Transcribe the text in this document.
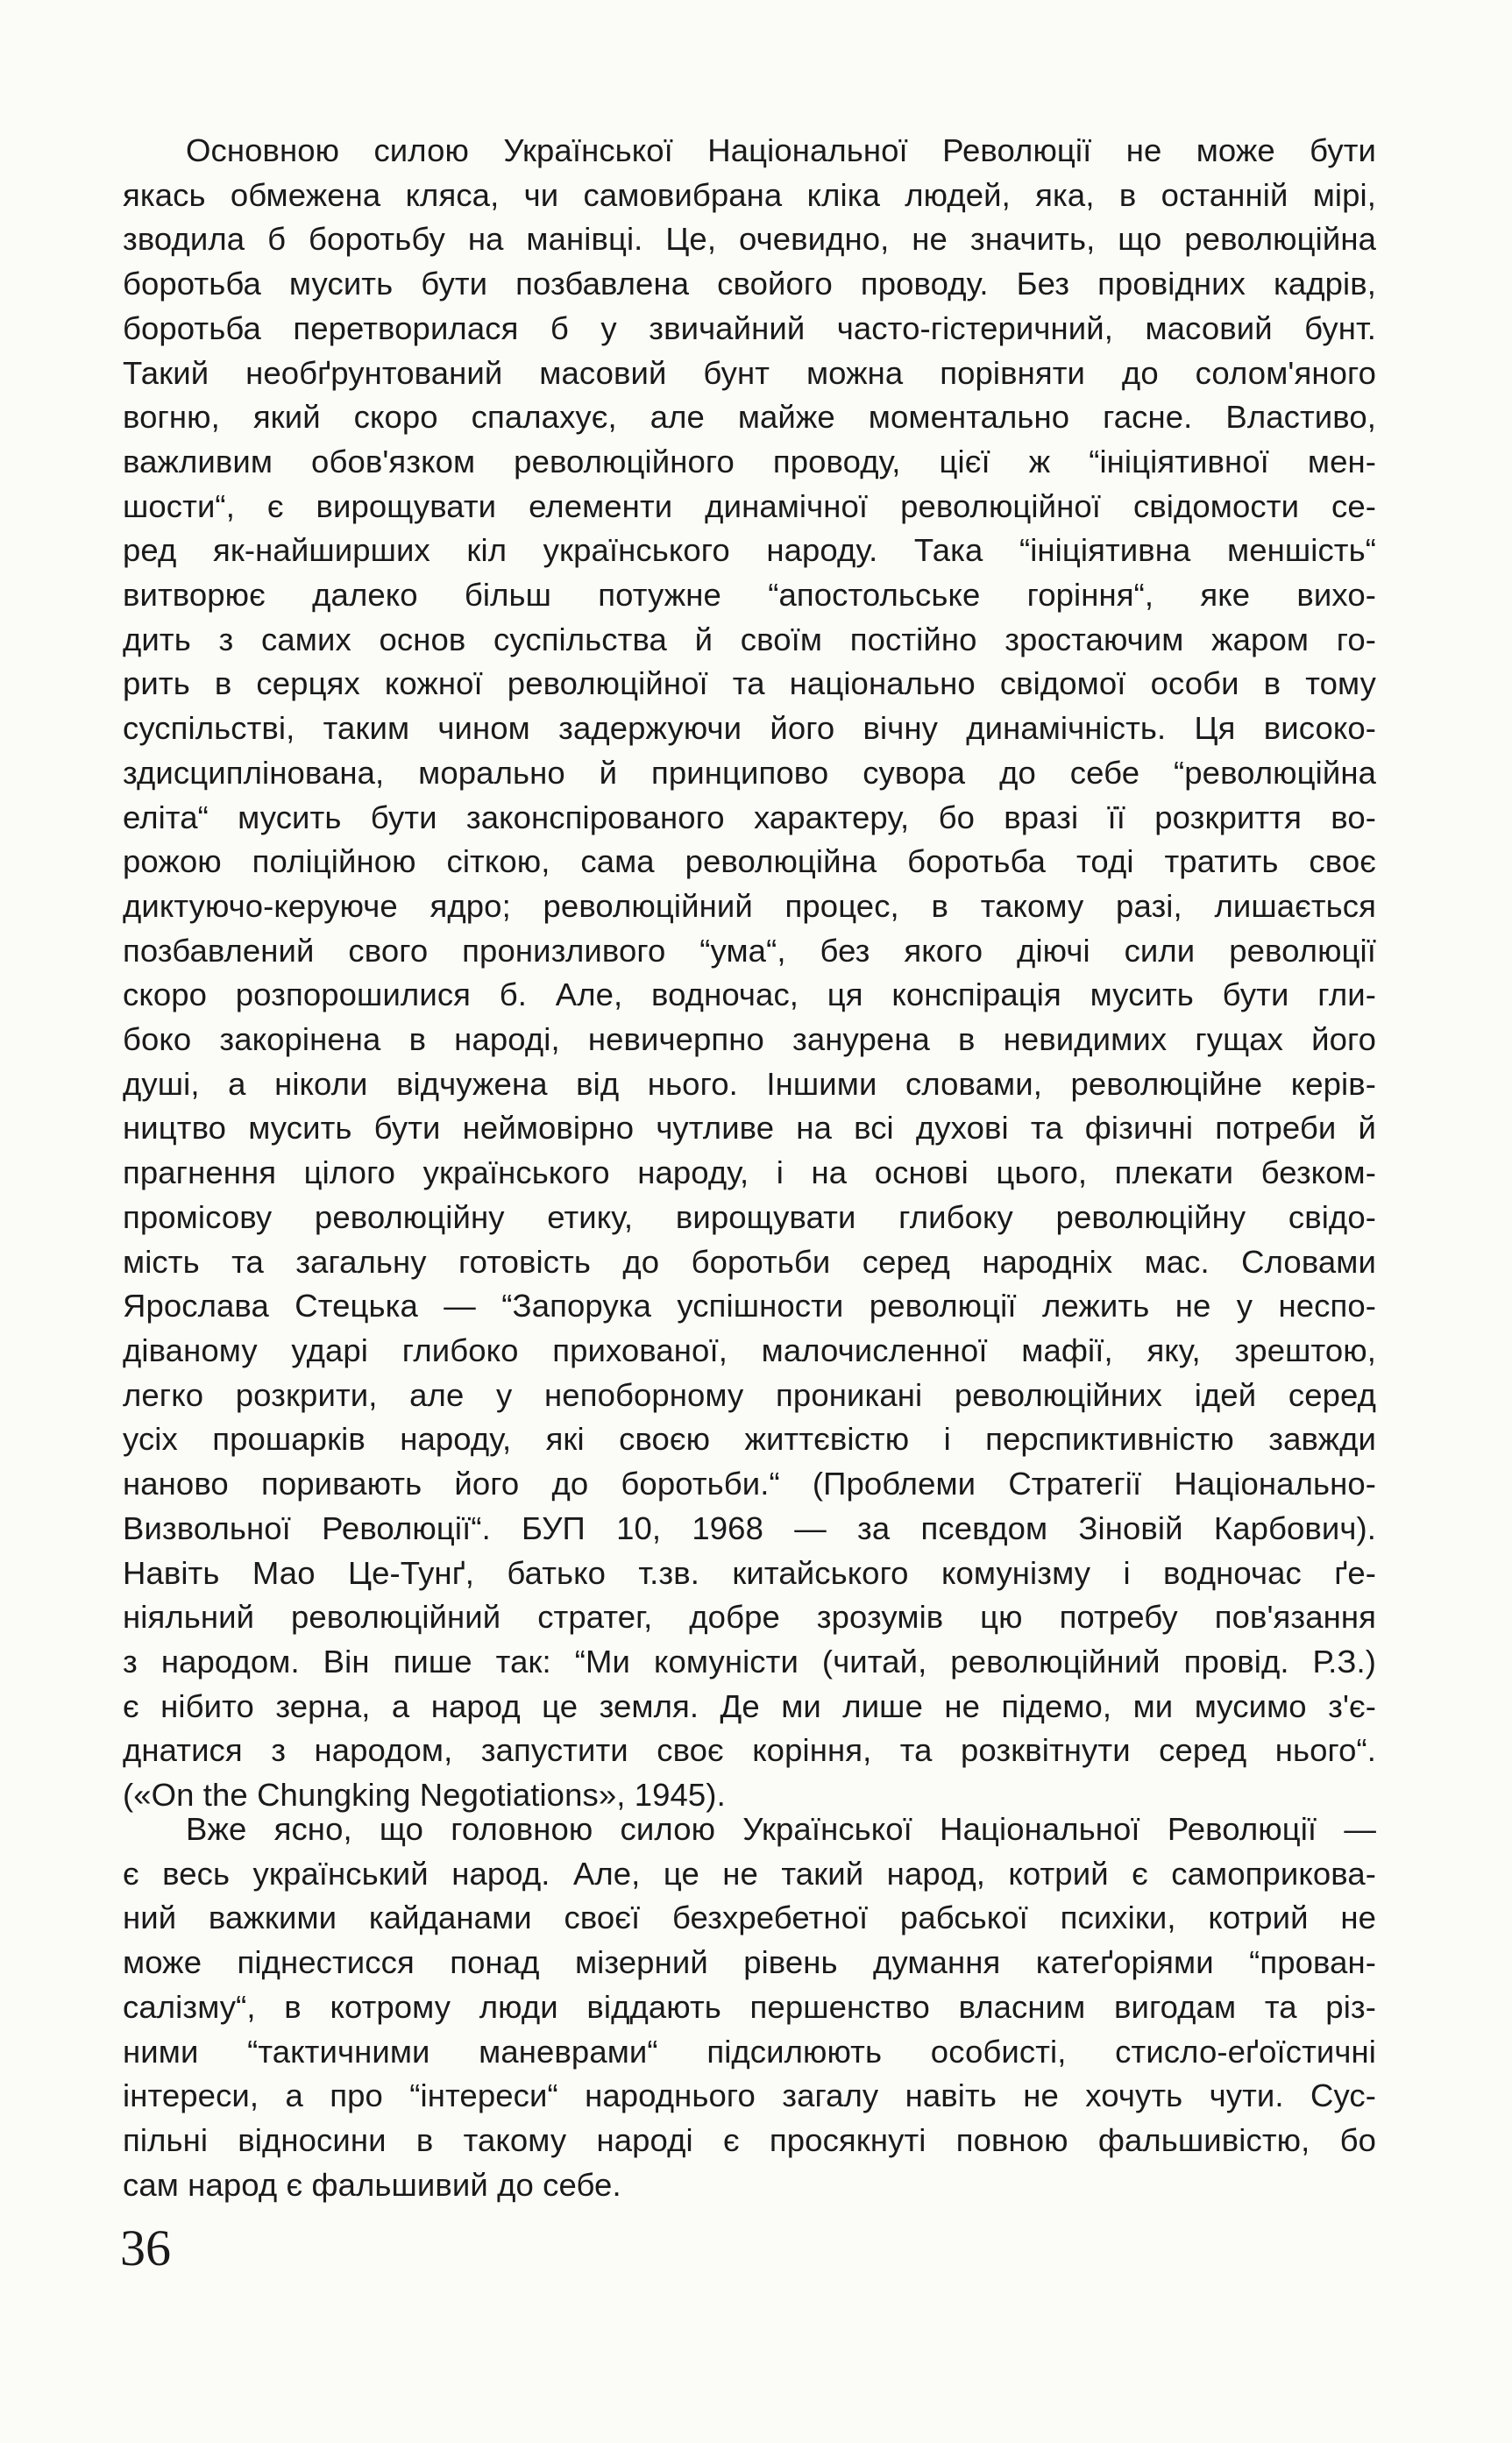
Основною силою Української Національної Революції не може бути
якась обмежена кляса, чи самовибрана кліка людей, яка, в останній мірі,
зводила б боротьбу на манівці. Це, очевидно, не значить, що революційна
боротьба мусить бути позбавлена свойого проводу. Без провідних кадрів,
боротьба перетворилася б у звичайний часто-гістеричний, масовий бунт.
Такий необґрунтований масовий бунт можна порівняти до солом'яного
вогню, який скоро спалахує, але майже моментально гасне. Властиво,
важливим обов'язком революційного проводу, цієї ж “ініціятивної мен-
шости“, є вирощувати елементи динамічної революційної свідомости се-
ред як-найширших кіл українського народу. Така “ініціятивна меншість“
витворює далеко більш потужне “апостольське горіння“, яке вихо-
дить з самих основ суспільства й своїм постійно зростаючим жаром го-
рить в серцях кожної революційної та національно свідомої особи в тому
суспільстві, таким чином задержуючи його вічну динамічність. Ця високо-
здисциплінована, морально й принципово сувора до себе “революційна
еліта“ мусить бути законспірованого характеру, бо вразі її розкриття во-
рожою поліційною сіткою, сама революційна боротьба тоді тратить своє
диктуючо-керуюче ядро; революційний процес, в такому разі, лишається
позбавлений свого пронизливого “ума“, без якого діючі сили революції
скоро розпорошилися б. Але, водночас, ця конспірація мусить бути гли-
боко закорінена в народі, невичерпно занурена в невидимих гущах його
душі, а ніколи відчужена від нього. Іншими словами, революційне керів-
ництво мусить бути неймовірно чутливе на всі духові та фізичні потреби й
прагнення цілого українського народу, і на основі цього, плекати безком-
промісову революційну етику, вирощувати глибоку революційну свідо-
мість та загальну готовість до боротьби серед народніх мас. Словами
Ярослава Стецька — “Запорука успішности революції лежить не у неспо-
діваному ударі глибоко прихованої, малочисленної мафії, яку, зрештою,
легко розкрити, але у непоборному проникані революційних ідей серед
усіх прошарків народу, які своєю життєвістю і перспиктивністю завжди
наново поривають його до боротьби.“ (Проблеми Стратегії Національно-
Визвольної Революції“. БУП 10, 1968 — за псевдом Зіновій Карбович).
Навіть Мао Це-Тунґ, батько т.зв. китайського комунізму і водночас ґе-
ніяльний революційний стратег, добре зрозумів цю потребу пов'язання
з народом. Він пише так: “Ми комуністи (читай, революційний провід. Р.З.)
є нібито зерна, а народ це земля. Де ми лише не підемо, ми мусимо з'є-
днатися з народом, запустити своє коріння, та розквітнути серед нього“.
(«On the Chungking Negotiations», 1945).
Вже ясно, що головною силою Української Національної Революції —
є весь український народ. Але, це не такий народ, котрий є самоприкова-
ний важкими кайданами своєї безхребетної рабської психіки, котрий не
може піднестисся понад мізерний рівень думання катеґоріями “прован-
салізму“, в котрому люди віддають першенство власним вигодам та різ-
ними “тактичними маневрами“ підсилюють особисті, стисло-еґоїстичні
інтереси, а про “інтереси“ народнього загалу навіть не хочуть чути. Сус-
пільні відносини в такому народі є просякнуті повною фальшивістю, бо
сам народ є фальшивий до себе.
36
